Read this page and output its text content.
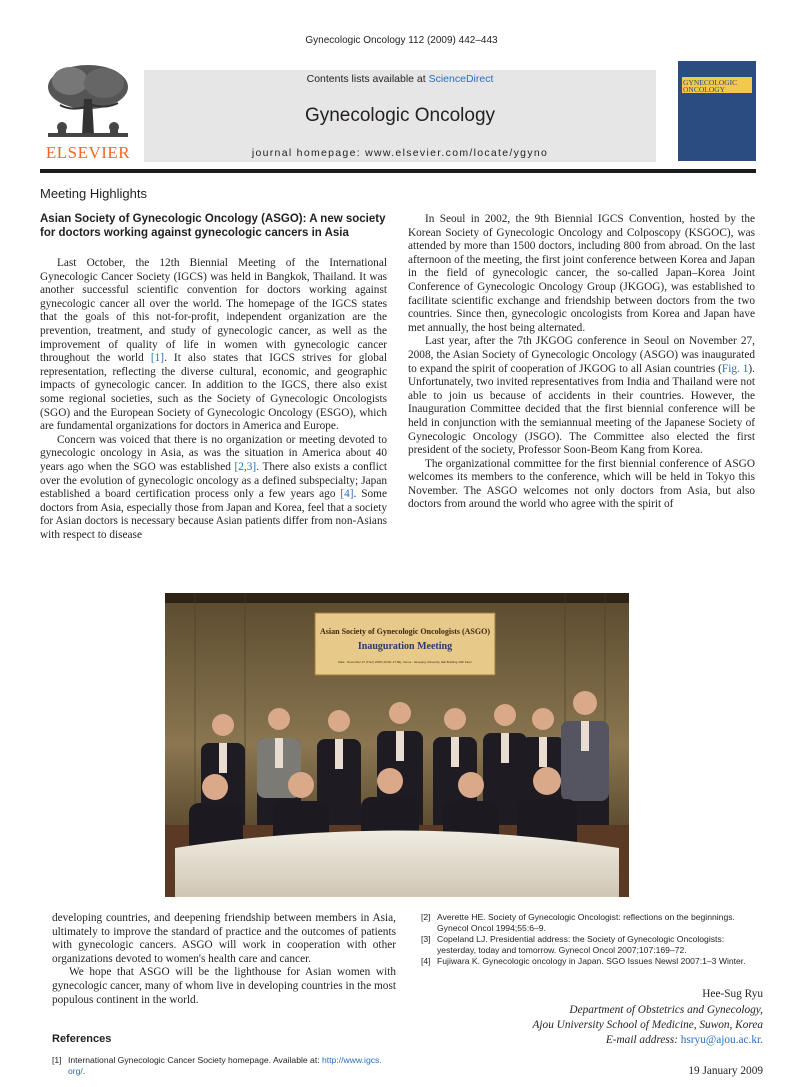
Gynecologic Oncology 112 (2009) 442–443
ELSEVIER
Contents lists available at ScienceDirect
Gynecologic Oncology
journal homepage: www.elsevier.com/locate/ygyno
GYNECOLOGIC ONCOLOGY
Meeting Highlights
Asian Society of Gynecologic Oncology (ASGO): A new society for doctors working against gynecologic cancers in Asia

Last October, the 12th Biennial Meeting of the International Gynecologic Cancer Society (IGCS) was held in Bangkok, Thailand. It was another successful scientific convention for doctors working against gynecologic cancer all over the world. The homepage of the IGCS states that the goals of this not-for-profit, independent organization are the prevention, treatment, and study of gynecologic cancer, as well as the improvement of quality of life in women with gynecologic cancer throughout the world [1]. It also states that IGCS strives for global representation, reflecting the diverse cultural, economic, and geographic impacts of gynecologic cancer. In addition to the IGCS, there also exist some regional societies, such as the Society of Gynecologic Oncologists (SGO) and the European Society of Gynecologic Oncology (ESGO), which are fundamental organizations for doctors in America and Europe.

Concern was voiced that there is no organization or meeting devoted to gynecologic oncology in Asia, as was the situation in America about 40 years ago when the SGO was established [2,3]. There also exists a conflict over the evolution of gynecologic oncology as a defined subspecialty; Japan established a board certification process only a few years ago [4]. Some doctors from Asia, especially those from Japan and Korea, feel that a society for Asian doctors is necessary because Asian patients differ from non-Asians with respect to disease

In Seoul in 2002, the 9th Biennial IGCS Convention, hosted by the Korean Society of Gynecologic Oncology and Colposcopy (KSGOC), was attended by more than 1500 doctors, including 800 from abroad. On the last afternoon of the meeting, the first joint conference between Korea and Japan in the field of gynecologic cancer, the so-called Japan–Korea Joint Conference of Gynecologic Oncology Group (JKGOG), was established to facilitate scientific exchange and friendship between doctors from the two countries. Since then, gynecologic oncologists from Korea and Japan have met annually, the host being alternated.

Last year, after the 7th JKGOG conference in Seoul on November 27, 2008, the Asian Society of Gynecologic Oncology (ASGO) was inaugurated to expand the spirit of cooperation of JKGOG to all Asian countries (Fig. 1). Unfortunately, two invited representatives from India and Thailand were not able to join us because of accidents in their countries. However, the Inauguration Committee decided that the first biennial conference will be held in conjunction with the semiannual meeting of the Japanese Society of Gynecologic Oncology (JSGO). The Committee also elected the first president of the society, Professor Soon-Beom Kang from Korea.

The organizational committee for the first biennial conference of ASGO welcomes its members to the conference, which will be held in Tokyo this November. The ASGO welcomes not only doctors from Asia, but also doctors from around the world who agree with the spirit of

Asian Society of Gynecologic Oncologists (ASGO)
Inauguration Meeting
Date : November 27 (Thur) 2008 (16:00~17:00), Venue : Hanyang University Hall Building 10th Floor

developing countries, and deepening friendship between members in Asia, ultimately to improve the standard of practice and the outcomes of patients with gynecologic cancers. ASGO will work in cooperation with other organizations devoted to women's health care and cancer.

We hope that ASGO will be the lighthouse for Asian women with gynecologic cancer, many of whom live in developing countries in the most populous continent in the world.

References
[1] International Gynecologic Cancer Society homepage. Available at: http://www.igcs.
org/.
[2] Averette HE. Society of Gynecologic Oncologist: reflections on the beginnings. Gynecol Oncol 1994;55:6–9.
[3] Copeland LJ. Presidential address: the Society of Gynecologic Oncologists: yesterday, today and tomorrow. Gynecol Oncol 2007;107:169–72.
[4] Fujiwara K. Gynecologic oncology in Japan. SGO Issues Newsl 2007:1–3 Winter.
Hee-Sug Ryu
Department of Obstetrics and Gynecology,
Ajou University School of Medicine, Suwon, Korea
E-mail address: hsryu@ajou.ac.kr.
19 January 2009
